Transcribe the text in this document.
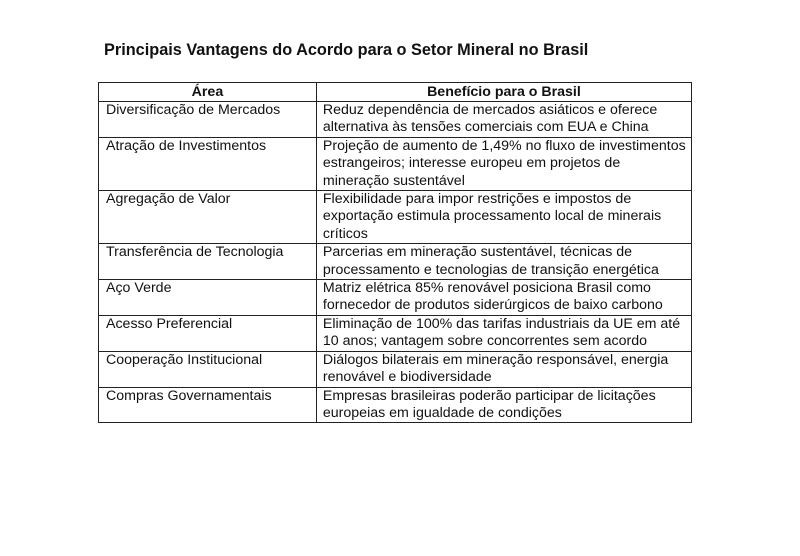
Principais Vantagens do Acordo para o Setor Mineral no Brasil
Área	Benefício para o Brasil
Diversificação de Mercados	Reduz dependência de mercados asiáticos e oferece alternativa às tensões comerciais com EUA e China
Atração de Investimentos	Projeção de aumento de 1,49% no fluxo de investimentos estrangeiros; interesse europeu em projetos de mineração sustentável
Agregação de Valor	Flexibilidade para impor restrições e impostos de exportação estimula processamento local de minerais críticos
Transferência de Tecnologia	Parcerias em mineração sustentável, técnicas de processamento e tecnologias de transição energética
Aço Verde	Matriz elétrica 85% renovável posiciona Brasil como fornecedor de produtos siderúrgicos de baixo carbono
Acesso Preferencial	Eliminação de 100% das tarifas industriais da UE em até 10 anos; vantagem sobre concorrentes sem acordo
Cooperação Institucional	Diálogos bilaterais em mineração responsável, energia renovável e biodiversidade
Compras Governamentais	Empresas brasileiras poderão participar de licitações europeias em igualdade de condições
